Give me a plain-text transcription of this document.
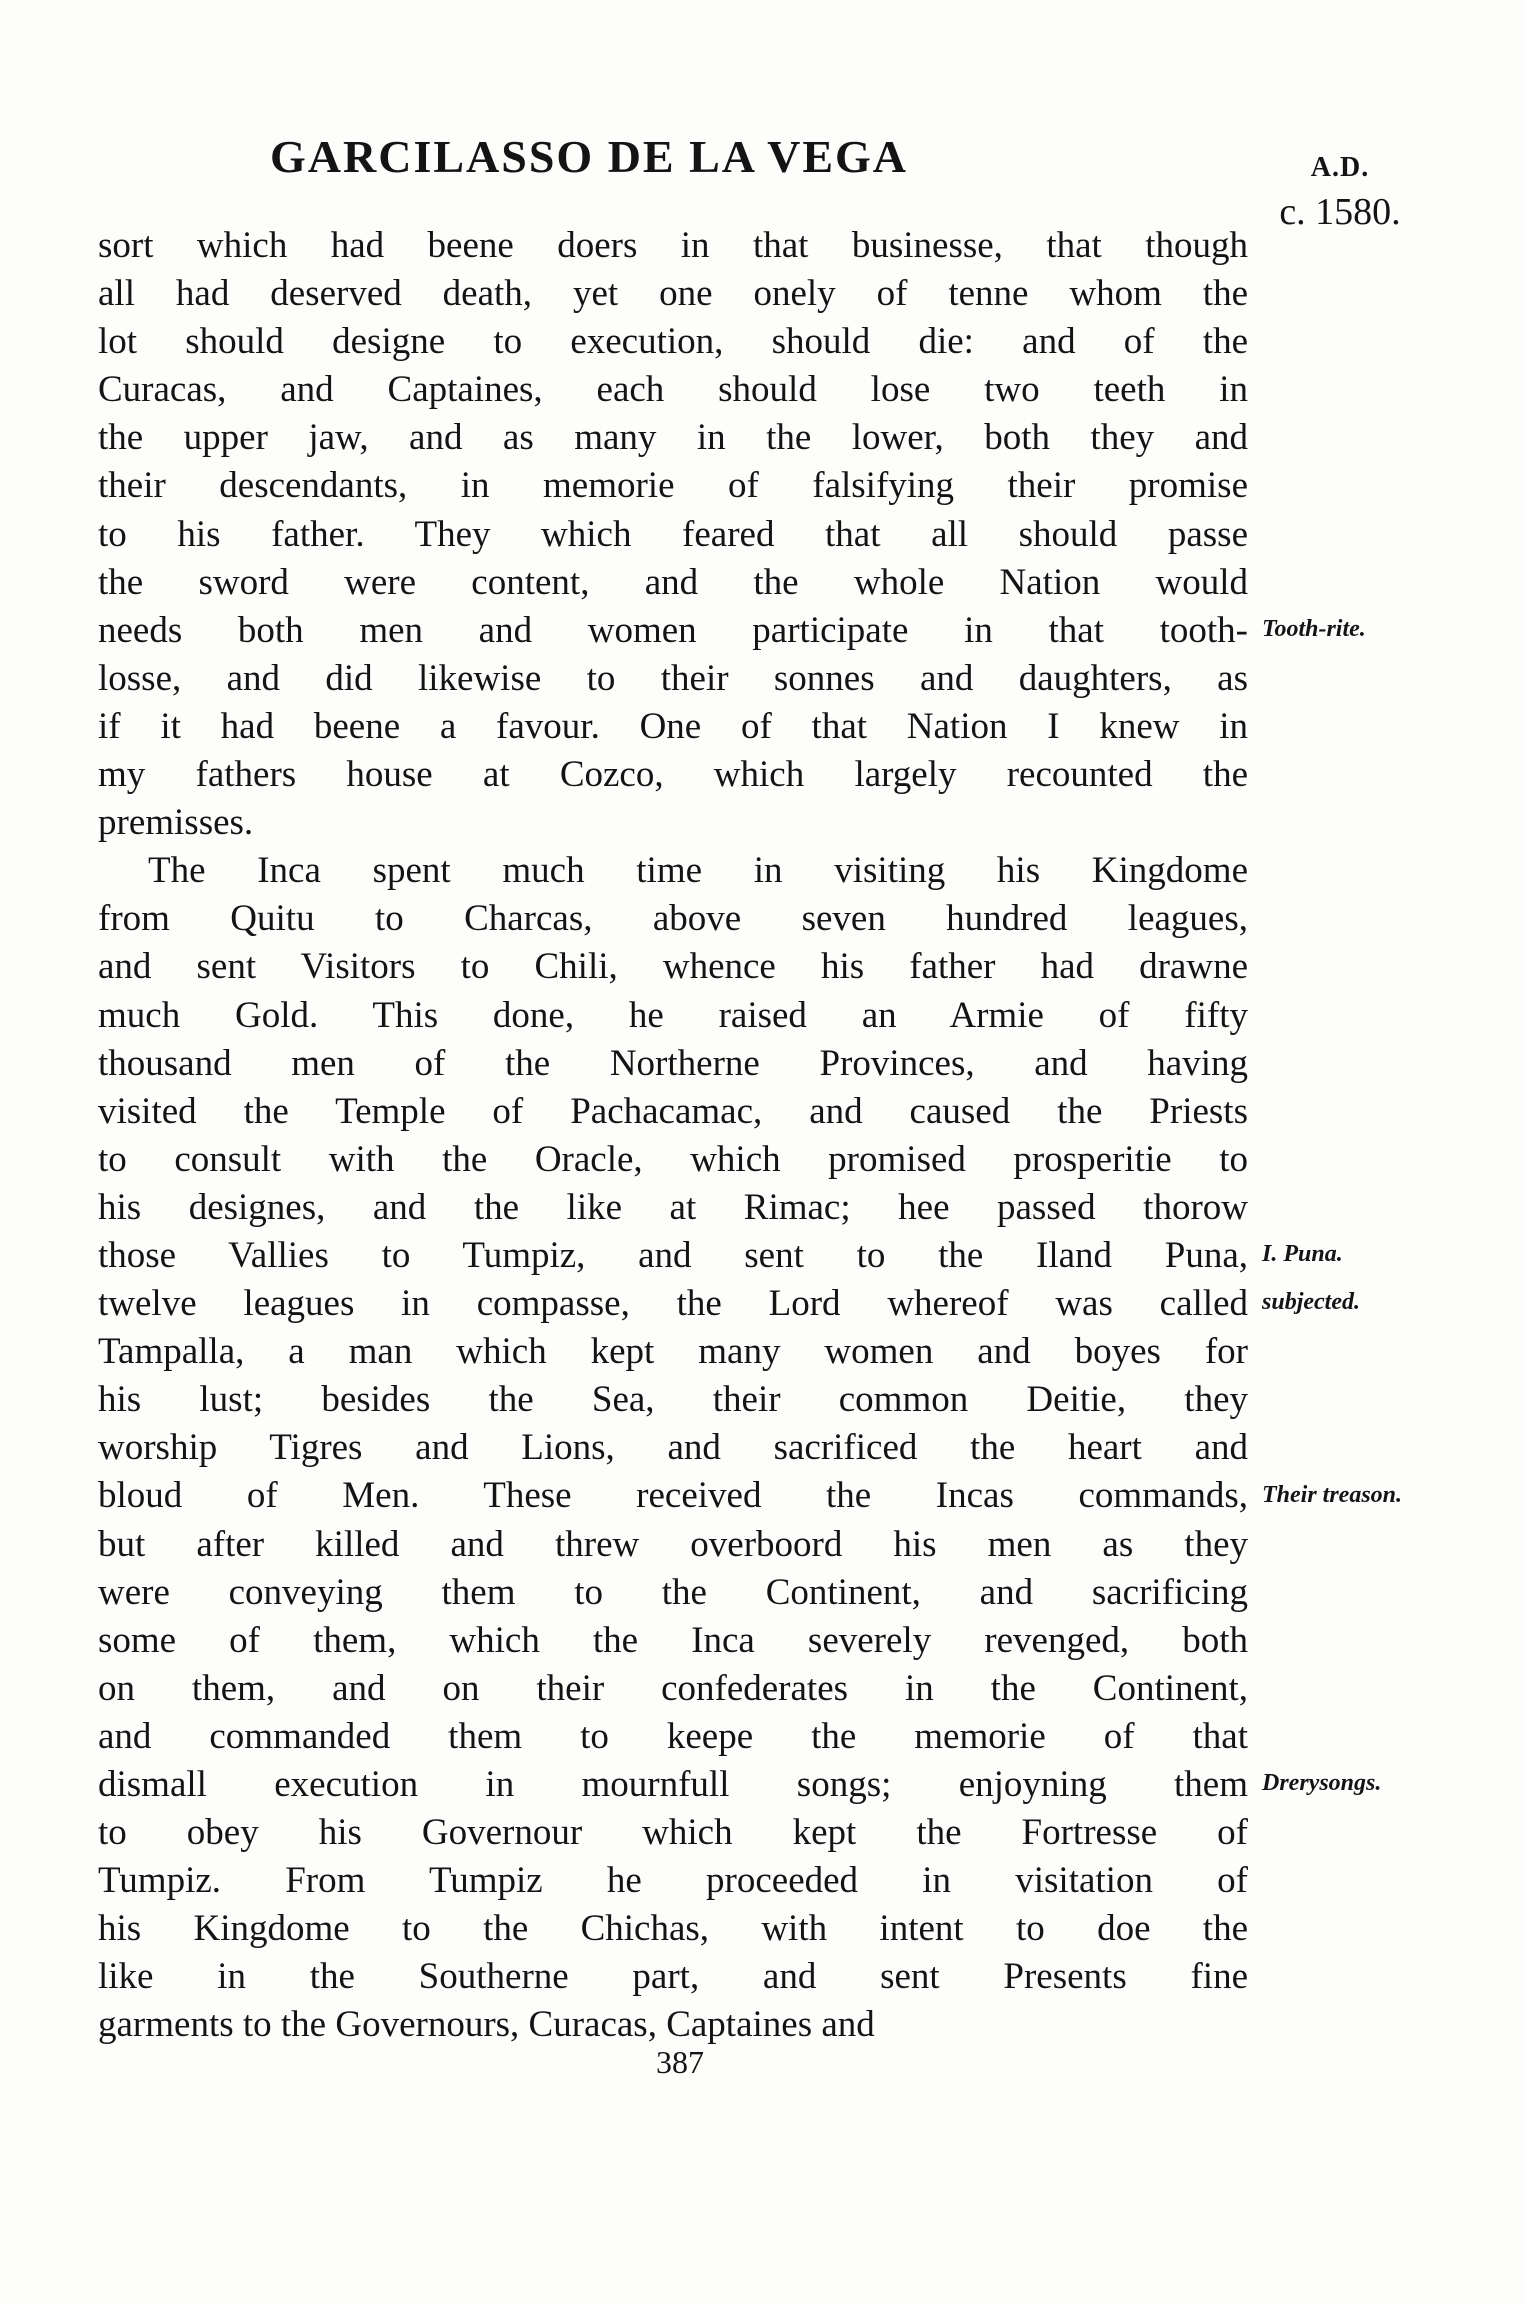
GARCILASSO DE LA VEGA	A.D.
c. 1580.
sort which had beene doers in that businesse, that though
all had deserved death, yet one onely of tenne whom the
lot should designe to execution, should die: and of the
Curacas, and Captaines, each should lose two teeth in
the upper jaw, and as many in the lower, both they and
their descendants, in memorie of falsifying their promise
to his father. They which feared that all should passe
the sword were content, and the whole Nation would
needs both men and women participate in that tooth-
losse, and did likewise to their sonnes and daughters, as
if it had beene a favour. One of that Nation I knew in
my fathers house at Cozco, which largely recounted the
premisses.
The Inca spent much time in visiting his Kingdome
from Quitu to Charcas, above seven hundred leagues,
and sent Visitors to Chili, whence his father had drawne
much Gold. This done, he raised an Armie of fifty
thousand men of the Northerne Provinces, and having
visited the Temple of Pachacamac, and caused the Priests
to consult with the Oracle, which promised prosperitie to
his designes, and the like at Rimac; hee passed thorow
those Vallies to Tumpiz, and sent to the Iland Puna,
twelve leagues in compasse, the Lord whereof was called
Tampalla, a man which kept many women and boyes for
his lust; besides the Sea, their common Deitie, they
worship Tigres and Lions, and sacrificed the heart and
bloud of Men. These received the Incas commands,
but after killed and threw overboord his men as they
were conveying them to the Continent, and sacrificing
some of them, which the Inca severely revenged, both
on them, and on their confederates in the Continent,
and commanded them to keepe the memorie of that
dismall execution in mournfull songs; enjoyning them
to obey his Governour which kept the Fortresse of
Tumpiz. From Tumpiz he proceeded in visitation of
his Kingdome to the Chichas, with intent to doe the
like in the Southerne part, and sent Presents fine
garments to the Governours, Curacas, Captaines and
Tooth-rite.
I. Puna.
subjected.
Their treason.
Drerysongs.
387
